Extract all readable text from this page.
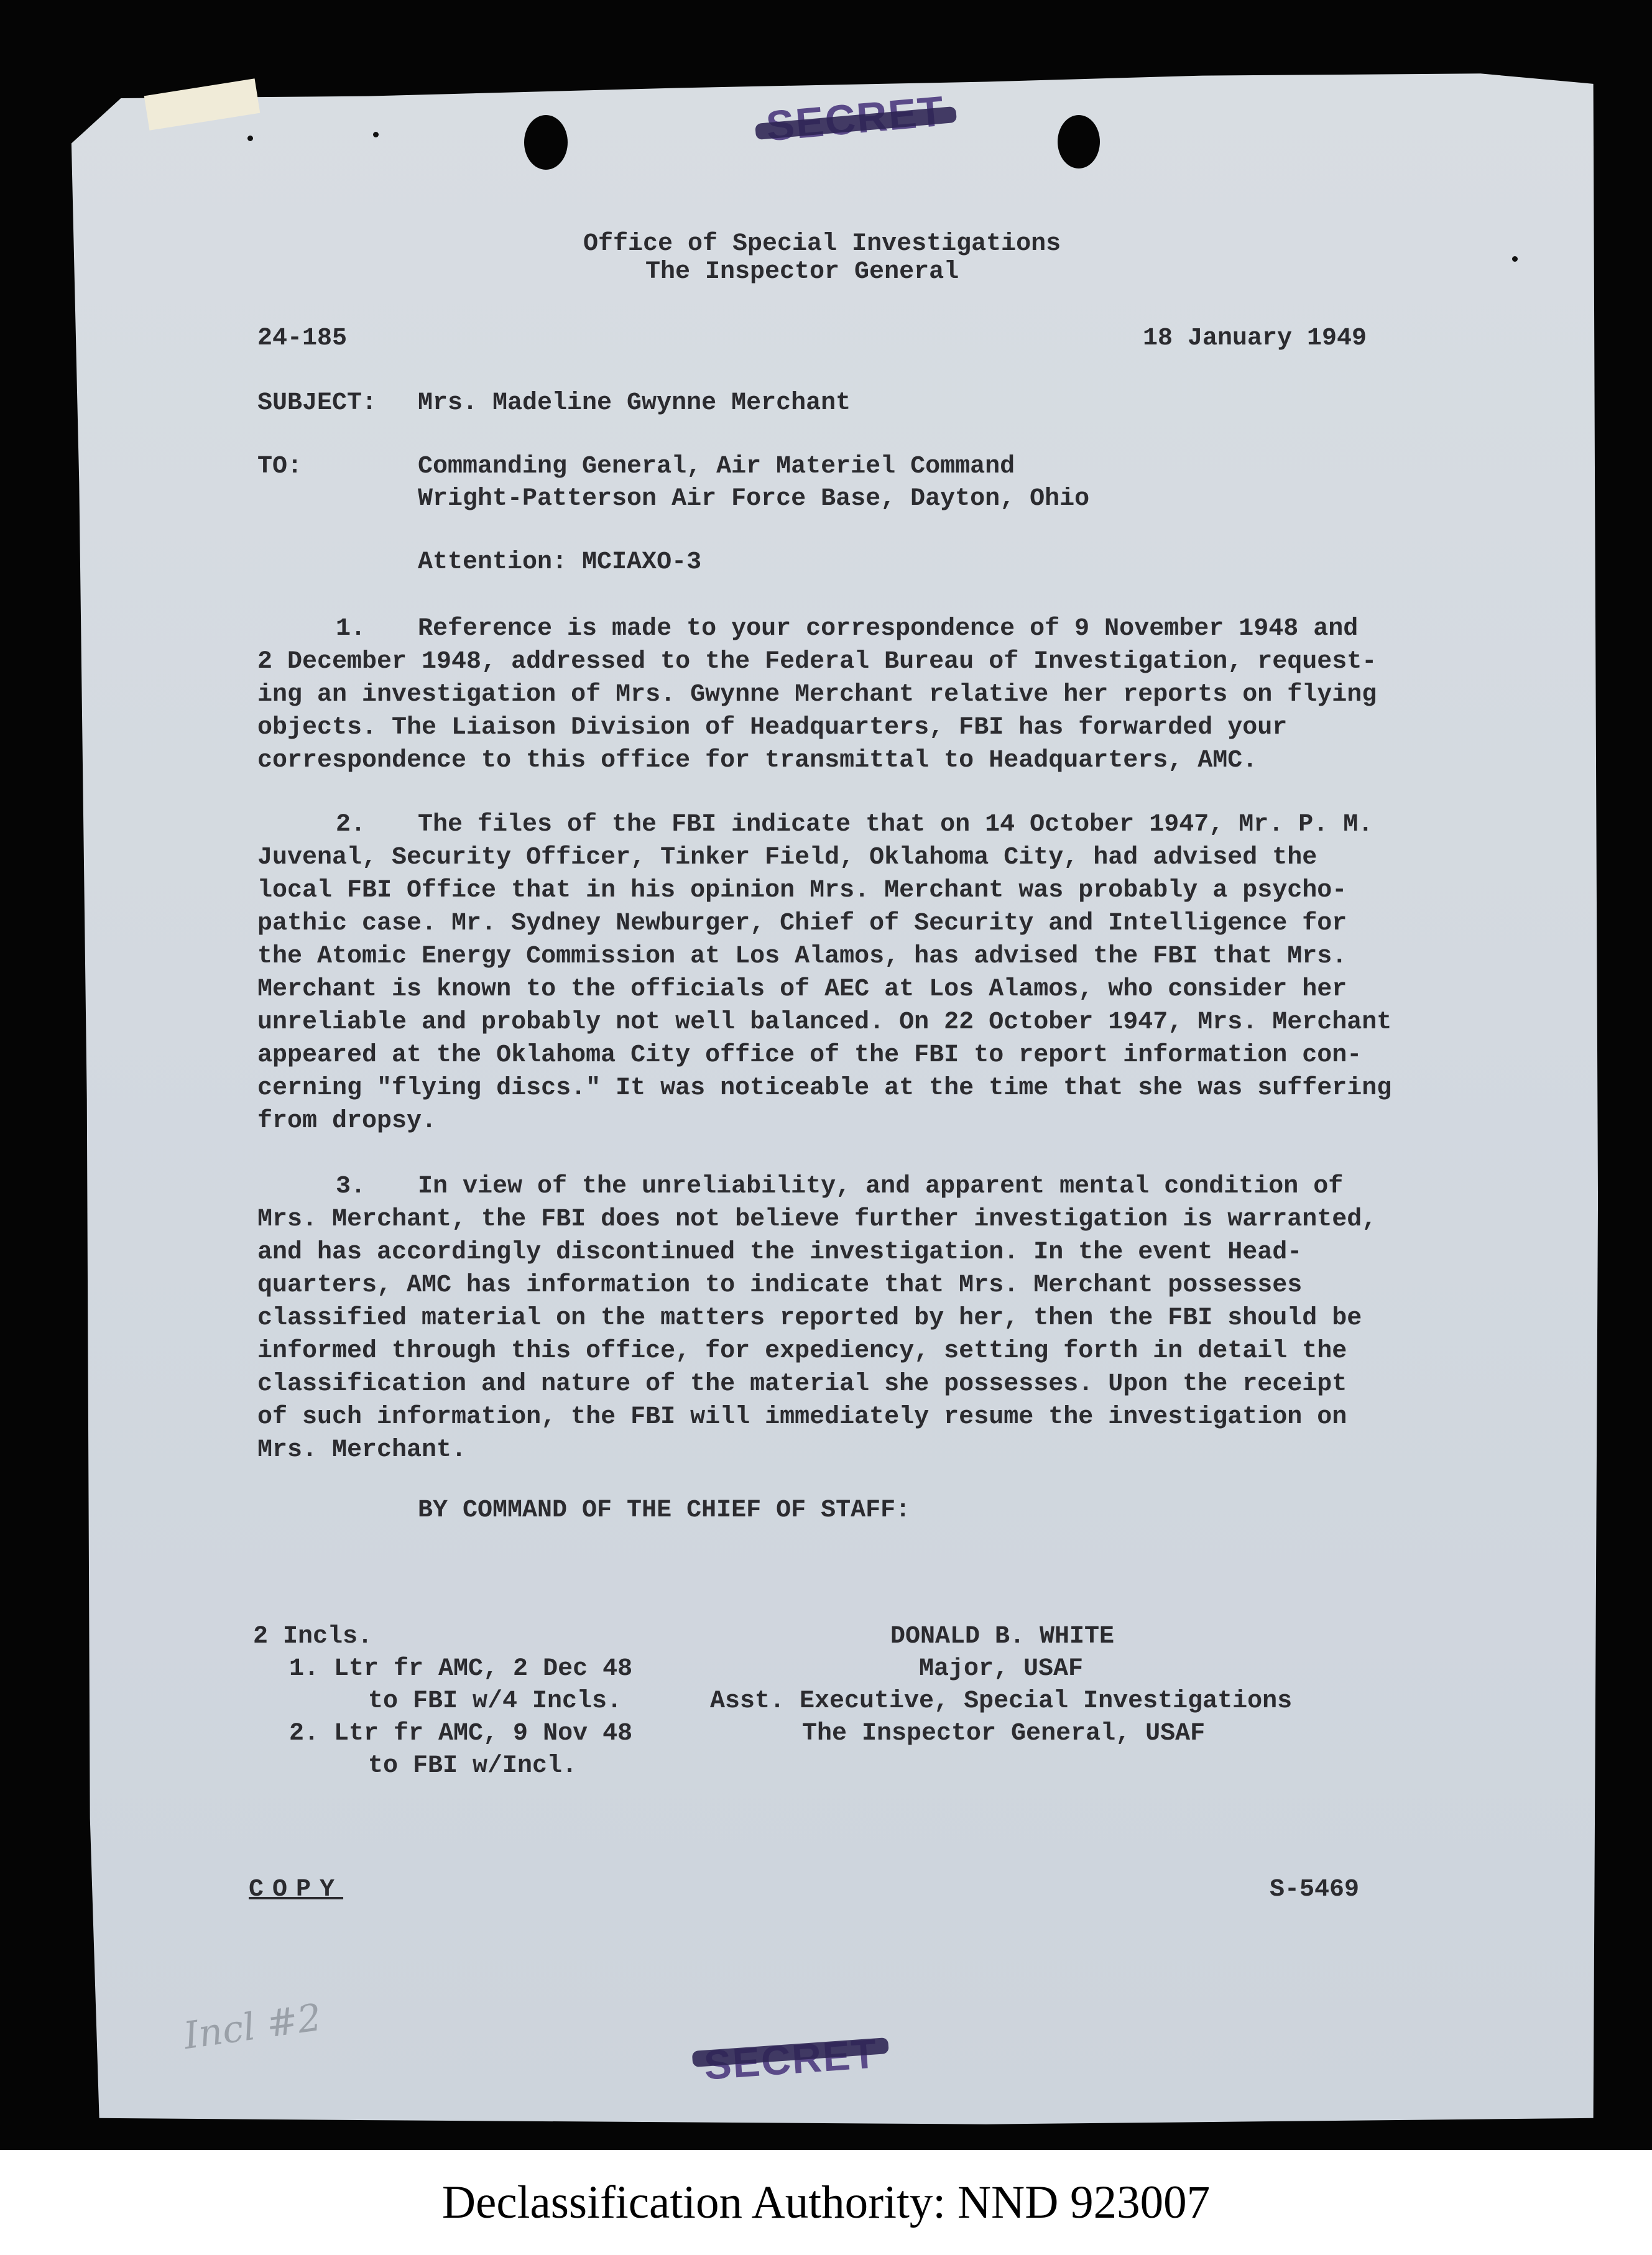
Office of Special Investigations
The Inspector General
24-185	18 January 1949
SUBJECT: Mrs. Madeline Gwynne Merchant
TO:	Commanding General, Air Materiel Command
Wright-Patterson Air Force Base, Dayton, Ohio
Attention: MCIAXO-3
1. Reference is made to your correspondence of 9 November 1948 and
2 December 1948, addressed to the Federal Bureau of Investigation, request-
ing an investigation of Mrs. Gwynne Merchant relative her reports on flying
objects. The Liaison Division of Headquarters, FBI has forwarded your
correspondence to this office for transmittal to Headquarters, AMC.
2. The files of the FBI indicate that on 14 October 1947, Mr. P. M.
Juvenal, Security Officer, Tinker Field, Oklahoma City, had advised the
local FBI Office that in his opinion Mrs. Merchant was probably a psycho-
pathic case. Mr. Sydney Newburger, Chief of Security and Intelligence for
the Atomic Energy Commission at Los Alamos, has advised the FBI that Mrs.
Merchant is known to the officials of AEC at Los Alamos, who consider her
unreliable and probably not well balanced. On 22 October 1947, Mrs. Merchant
appeared at the Oklahoma City office of the FBI to report information con-
cerning "flying discs." It was noticeable at the time that she was suffering
from dropsy.
3. In view of the unreliability, and apparent mental condition of
Mrs. Merchant, the FBI does not believe further investigation is warranted,
and has accordingly discontinued the investigation. In the event Head-
quarters, AMC has information to indicate that Mrs. Merchant possesses
classified material on the matters reported by her, then the FBI should be
informed through this office, for expediency, setting forth in detail the
classification and nature of the material she possesses. Upon the receipt
of such information, the FBI will immediately resume the investigation on
Mrs. Merchant.
BY COMMAND OF THE CHIEF OF STAFF:
2 Incls.
1. Ltr fr AMC, 2 Dec 48
to FBI w/4 Incls.
2. Ltr fr AMC, 9 Nov 48
to FBI w/Incl.
DONALD B. WHITE
Major, USAF
Asst. Executive, Special Investigations
The Inspector General, USAF
COPY	S-5469
Incl #2
Declassification Authority: NND 923007
